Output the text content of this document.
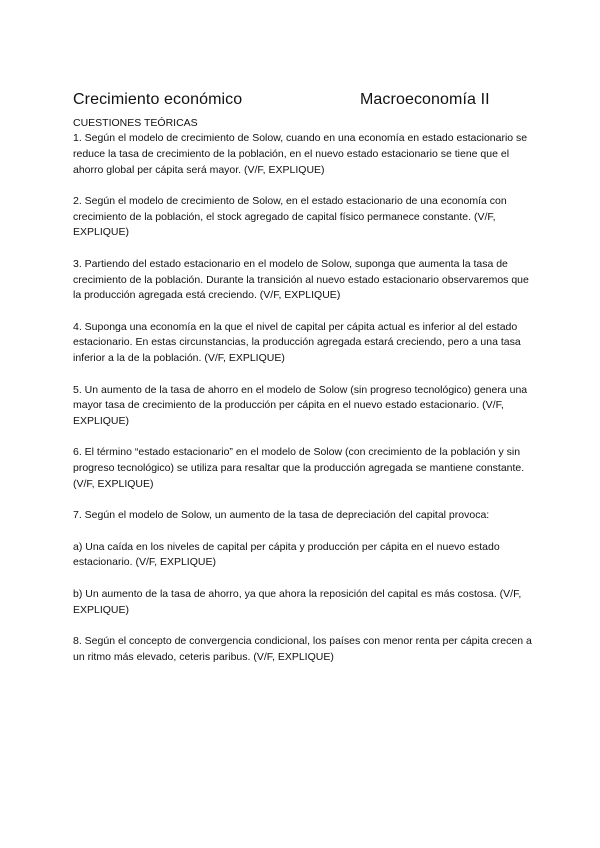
Crecimiento económico	Macroeconomía II
CUESTIONES TEÓRICAS

1. Según el modelo de crecimiento de Solow, cuando en una economía en estado estacionario se reduce la tasa de crecimiento de la población, en el nuevo estado estacionario se tiene que el ahorro global per cápita será mayor. (V/F, EXPLIQUE)

2. Según el modelo de crecimiento de Solow, en el estado estacionario de una economía con crecimiento de la población, el stock agregado de capital físico permanece constante. (V/F, EXPLIQUE)

3. Partiendo del estado estacionario en el modelo de Solow, suponga que aumenta la tasa de crecimiento de la población. Durante la transición al nuevo estado estacionario observaremos que la producción agregada está creciendo. (V/F, EXPLIQUE)

4. Suponga una economía en la que el nivel de capital per cápita actual es inferior al del estado estacionario. En estas circunstancias, la producción agregada estará creciendo, pero a una tasa inferior a la de la población. (V/F, EXPLIQUE)

5. Un aumento de la tasa de ahorro en el modelo de Solow (sin progreso tecnológico) genera una mayor tasa de crecimiento de la producción per cápita en el nuevo estado estacionario. (V/F, EXPLIQUE)

6. El término “estado estacionario” en el modelo de Solow (con crecimiento de la población y sin progreso tecnológico) se utiliza para resaltar que la producción agregada se mantiene constante. (V/F, EXPLIQUE)

7. Según el modelo de Solow, un aumento de la tasa de depreciación del capital provoca:

a) Una caída en los niveles de capital per cápita y producción per cápita en el nuevo estado estacionario. (V/F, EXPLIQUE)

b) Un aumento de la tasa de ahorro, ya que ahora la reposición del capital es más costosa. (V/F, EXPLIQUE)

8. Según el concepto de convergencia condicional, los países con menor renta per cápita crecen a un ritmo más elevado, ceteris paribus. (V/F, EXPLIQUE)
